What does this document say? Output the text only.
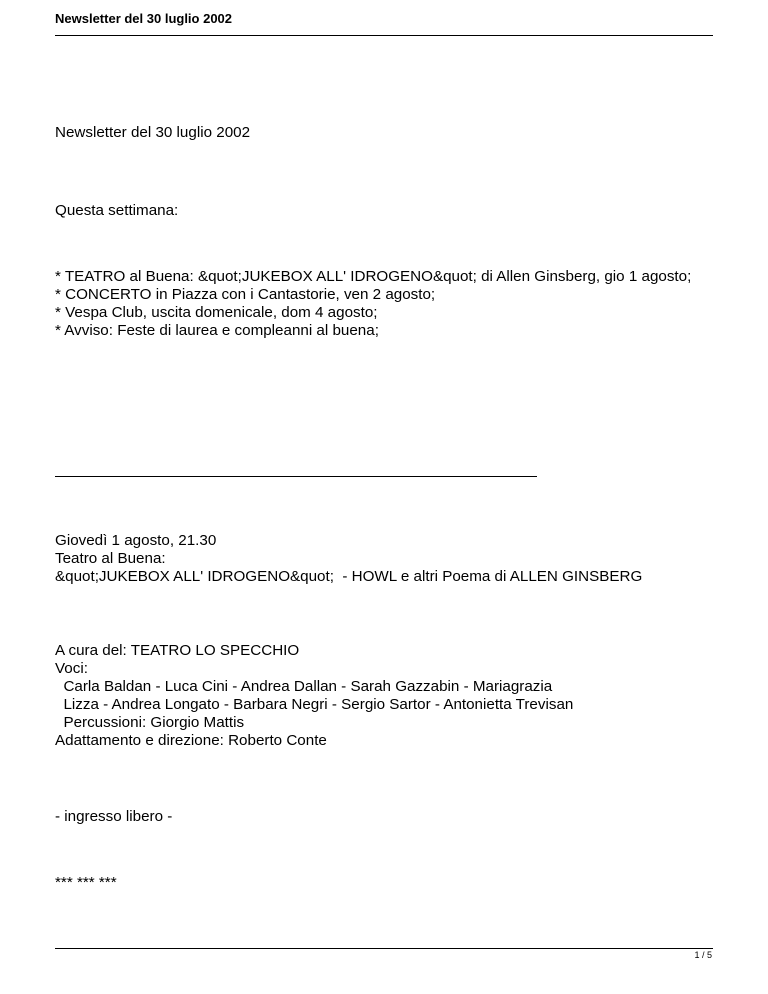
Newsletter del 30 luglio 2002
Newsletter del 30 luglio 2002
Questa settimana:
* TEATRO al Buena: &quot;JUKEBOX ALL' IDROGENO&quot; di Allen Ginsberg, gio 1 agosto;
* CONCERTO in Piazza con i Cantastorie, ven 2 agosto;
* Vespa Club, uscita domenicale, dom 4 agosto;
* Avviso: Feste di laurea e compleanni al buena;
Giovedì 1 agosto, 21.30
Teatro al Buena:
&quot;JUKEBOX ALL' IDROGENO&quot;  - HOWL e altri Poema di ALLEN GINSBERG
A cura del: TEATRO LO SPECCHIO
Voci:
Carla Baldan - Luca Cini - Andrea Dallan - Sarah Gazzabin - Mariagrazia
Lizza - Andrea Longato - Barbara Negri - Sergio Sartor - Antonietta Trevisan
Percussioni: Giorgio Mattis
Adattamento e direzione: Roberto Conte
- ingresso libero -
*** *** ***
1 / 5
